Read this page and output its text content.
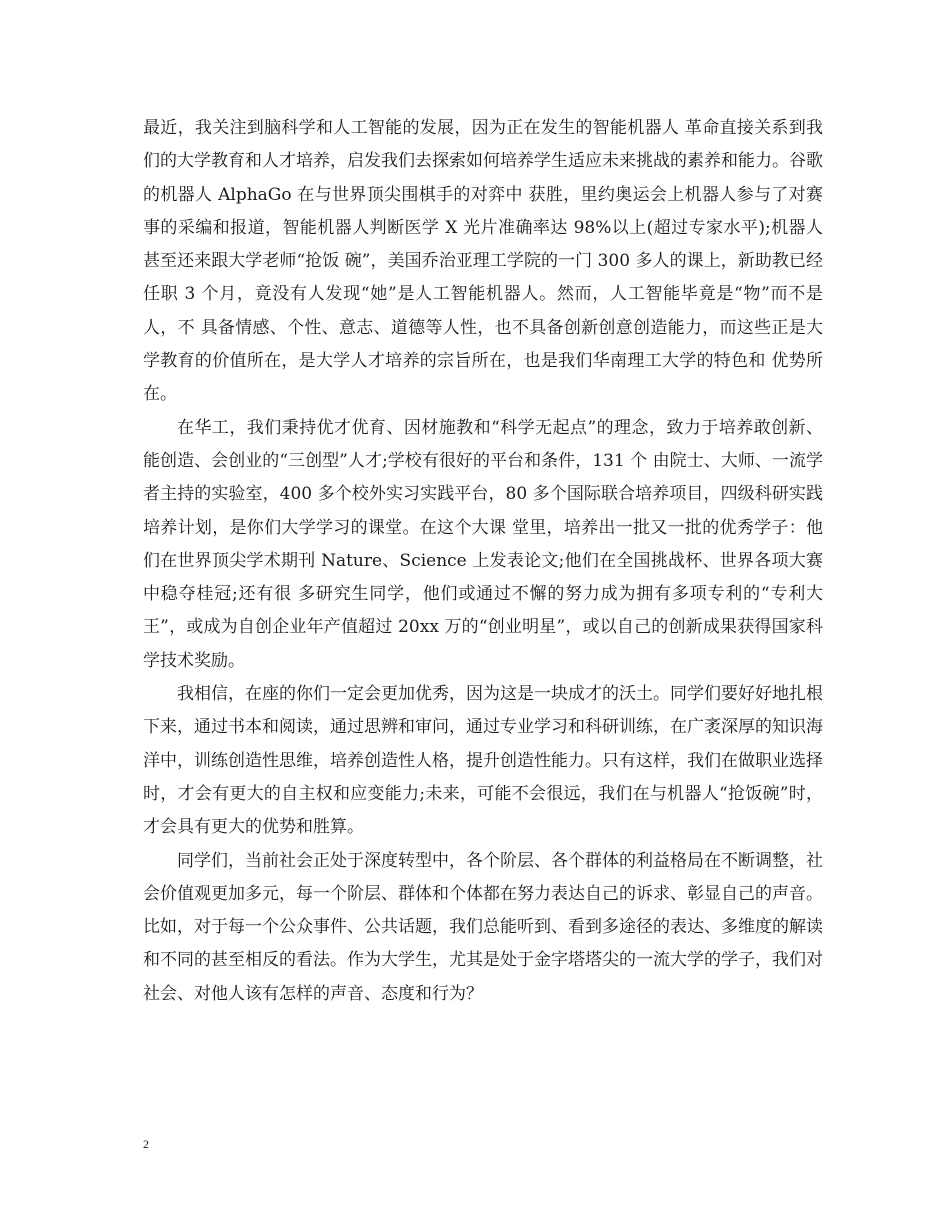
最近，我关注到脑科学和人工智能的发展，因为正在发生的智能机器人 革命直接关系到我们的大学教育和人才培养，启发我们去探索如何培养学生适应未来挑战的素养和能力。谷歌的机器人 AlphaGo 在与世界顶尖围棋手的对弈中 获胜，里约奥运会上机器人参与了对赛事的采编和报道，智能机器人判断医学 X 光片准确率达 98%以上(超过专家水平);机器人甚至还来跟大学老师“抢饭 碗”，美国乔治亚理工学院的一门 300 多人的课上，新助教已经任职 3 个月，竟没有人发现“她”是人工智能机器人。然而，人工智能毕竟是“物”而不是人，不 具备情感、个性、意志、道德等人性，也不具备创新创意创造能力，而这些正是大学教育的价值所在，是大学人才培养的宗旨所在，也是我们华南理工大学的特色和 优势所在。

在华工，我们秉持优才优育、因材施教和“科学无起点”的理念，致力于培养敢创新、能创造、会创业的“三创型”人才;学校有很好的平台和条件，131 个 由院士、大师、一流学者主持的实验室，400 多个校外实习实践平台，80 多个国际联合培养项目，四级科研实践培养计划，是你们大学学习的课堂。在这个大课 堂里，培养出一批又一批的优秀学子：他们在世界顶尖学术期刊 Nature、Science 上发表论文;他们在全国挑战杯、世界各项大赛中稳夺桂冠;还有很 多研究生同学，他们或通过不懈的努力成为拥有多项专利的“专利大王”，或成为自创企业年产值超过 20xx 万的“创业明星”，或以自己的创新成果获得国家科 学技术奖励。

我相信，在座的你们一定会更加优秀，因为这是一块成才的沃土。同学们要好好地扎根下来，通过书本和阅读，通过思辨和审问，通过专业学习和科研训练，在广袤深厚的知识海洋中，训练创造性思维，培养创造性人格，提升创造性能力。只有这样，我们在做职业选择时，才会有更大的自主权和应变能力;未来，可能不会很远，我们在与机器人“抢饭碗”时，才会具有更大的优势和胜算。

同学们，当前社会正处于深度转型中，各个阶层、各个群体的利益格局在不断调整，社会价值观更加多元，每一个阶层、群体和个体都在努力表达自己的诉求、彰显自己的声音。比如，对于每一个公众事件、公共话题，我们总能听到、看到多途径的表达、多维度的解读和不同的甚至相反的看法。作为大学生，尤其是处于金字塔塔尖的一流大学的学子，我们对社会、对他人该有怎样的声音、态度和行为？

2
